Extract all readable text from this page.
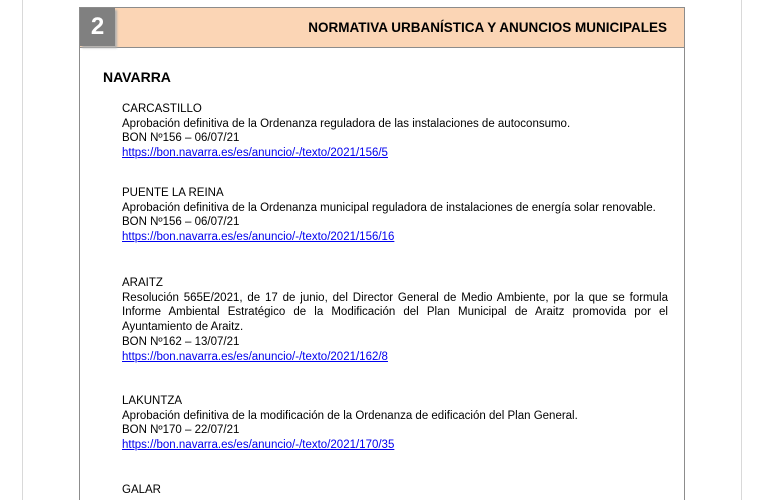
2	NORMATIVA URBANÍSTICA Y ANUNCIOS MUNICIPALES
NAVARRA
CARCASTILLO
Aprobación definitiva de la Ordenanza reguladora de las instalaciones de autoconsumo.
BON Nº156 – 06/07/21
https://bon.navarra.es/es/anuncio/-/texto/2021/156/5
PUENTE LA REINA
Aprobación definitiva de la Ordenanza municipal reguladora de instalaciones de energía solar renovable.
BON Nº156 – 06/07/21
https://bon.navarra.es/es/anuncio/-/texto/2021/156/16
ARAITZ
Resolución 565E/2021, de 17 de junio, del Director General de Medio Ambiente, por la que se formula Informe Ambiental Estratégico de la Modificación del Plan Municipal de Araitz promovida por el Ayuntamiento de Araitz.
BON Nº162 – 13/07/21
https://bon.navarra.es/es/anuncio/-/texto/2021/162/8
LAKUNTZA
Aprobación definitiva de la modificación de la Ordenanza de edificación del Plan General.
BON Nº170 – 22/07/21
https://bon.navarra.es/es/anuncio/-/texto/2021/170/35
GALAR
